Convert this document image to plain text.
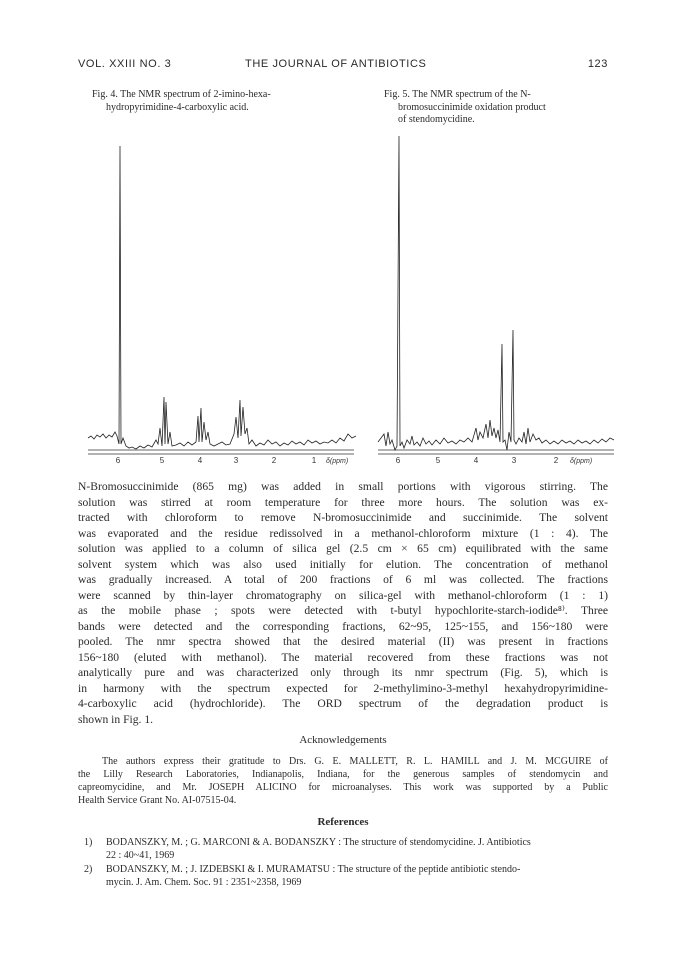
VOL. XXIII NO. 3	THE JOURNAL OF ANTIBIOTICS	123
Fig. 4. The NMR spectrum of 2-imino-hexa-
hydropyrimidine-4-carboxylic acid.
Fig. 5. The NMR spectrum of the N-
bromosuccinimide oxidation product
of stendomycidine.
6	5	4	3	2	1 δ(ppm)	6	5	4	3	2 δ(ppm)
N-Bromosuccinimide (865 mg) was added in small portions with vigorous stirring. The
solution was stirred at room temperature for three more hours. The solution was ex-
tracted with chloroform to remove N-bromosuccinimide and succinimide. The solvent
was evaporated and the residue redissolved in a methanol-chloroform mixture (1 : 4). The
solution was applied to a column of silica gel (2.5 cm × 65 cm) equilibrated with the same
solvent system which was also used initially for elution. The concentration of methanol
was gradually increased. A total of 200 fractions of 6 ml was collected. The fractions
were scanned by thin-layer chromatography on silica-gel with methanol-chloroform (1 : 1)
as the mobile phase ; spots were detected with t-butyl hypochlorite-starch-iodide⁸⁾. Three
bands were detected and the corresponding fractions, 62~95, 125~155, and 156~180 were
pooled. The nmr spectra showed that the desired material (II) was present in fractions
156~180 (eluted with methanol). The material recovered from these fractions was not
analytically pure and was characterized only through its nmr spectrum (Fig. 5), which is
in harmony with the spectrum expected for 2-methylimino-3-methyl hexahydropyrimidine-
4-carboxylic acid (hydrochloride). The ORD spectrum of the degradation product is
shown in Fig. 1.
Acknowledgements
The authors express their gratitude to Drs. G. E. MALLETT, R. L. HAMILL and J. M. MCGUIRE of
the Lilly Research Laboratories, Indianapolis, Indiana, for the generous samples of stendomycin and
capreomycidine, and Mr. JOSEPH ALICINO for microanalyses. This work was supported by a Public
Health Service Grant No. AI-07515-04.
References
1) BODANSZKY, M. ; G. MARCONI & A. BODANSZKY : The structure of stendomycidine. J. Antibiotics
22 : 40~41, 1969
2) BODANSZKY, M. ; J. IZDEBSKI & I. MURAMATSU : The structure of the peptide antibiotic stendo-
mycin. J. Am. Chem. Soc. 91 : 2351~2358, 1969
